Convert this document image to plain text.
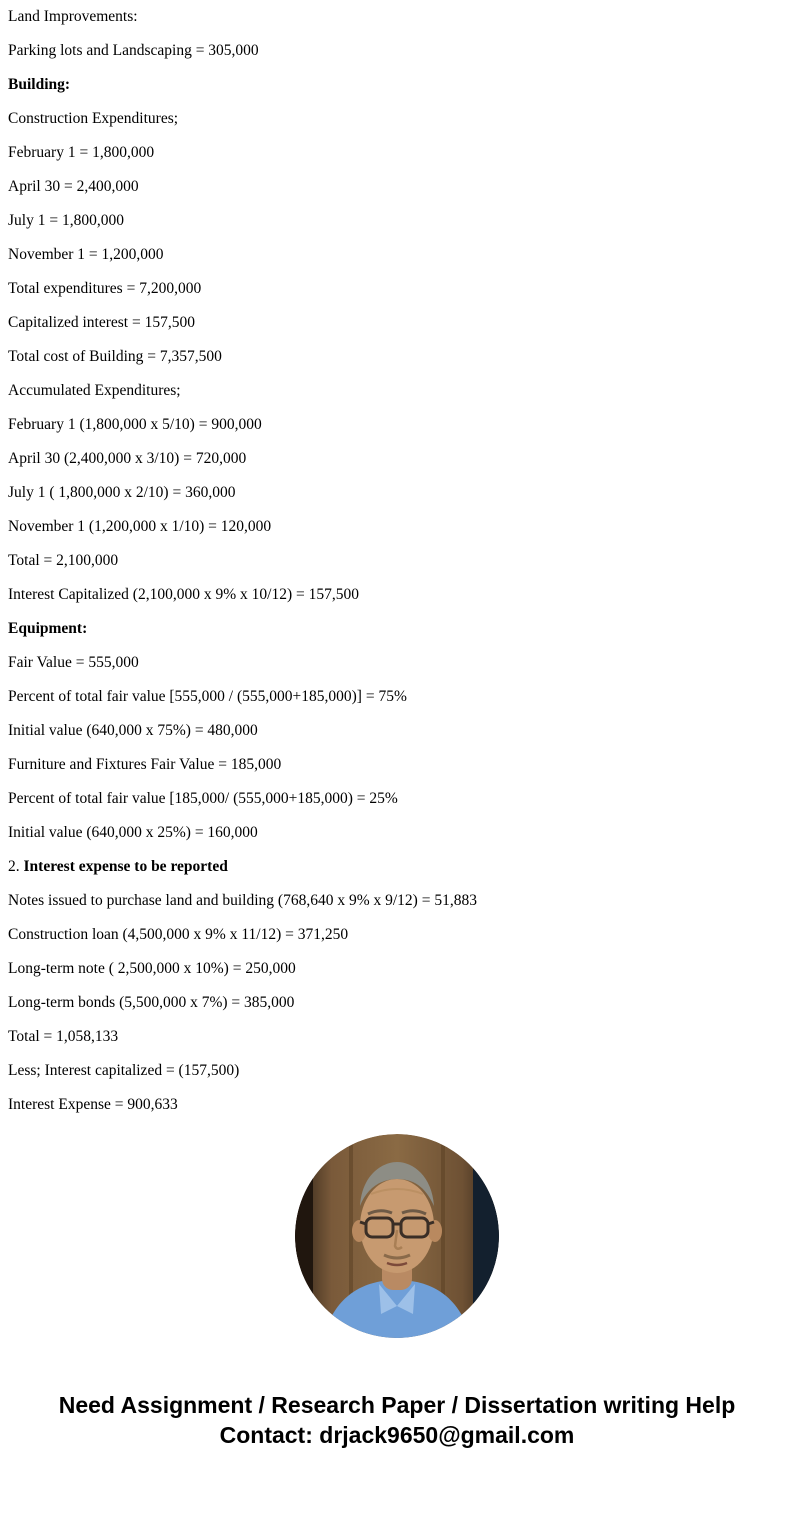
Land Improvements:

Parking lots and Landscaping = 305,000

Building:

Construction Expenditures;

February 1 = 1,800,000

April 30 = 2,400,000

July 1 = 1,800,000

November 1 = 1,200,000

Total expenditures = 7,200,000

Capitalized interest = 157,500

Total cost of Building = 7,357,500

Accumulated Expenditures;

February 1 (1,800,000 x 5/10) = 900,000

April 30 (2,400,000 x 3/10) = 720,000

July 1 ( 1,800,000 x 2/10) = 360,000

November 1 (1,200,000 x 1/10) = 120,000

Total = 2,100,000

Interest Capitalized (2,100,000 x 9% x 10/12) = 157,500

Equipment:

Fair Value = 555,000

Percent of total fair value [555,000 / (555,000+185,000)] = 75%

Initial value (640,000 x 75%) = 480,000

Furniture and Fixtures Fair Value = 185,000

Percent of total fair value [185,000/ (555,000+185,000) = 25%

Initial value (640,000 x 25%) = 160,000

2. Interest expense to be reported

Notes issued to purchase land and building (768,640 x 9% x 9/12) = 51,883

Construction loan (4,500,000 x 9% x 11/12) = 371,250

Long-term note ( 2,500,000 x 10%) = 250,000

Long-term bonds (5,500,000 x 7%) = 385,000

Total = 1,058,133

Less; Interest capitalized = (157,500)

Interest Expense = 900,633

Need Assignment / Research Paper / Dissertation writing Help
Contact: drjack9650@gmail.com
